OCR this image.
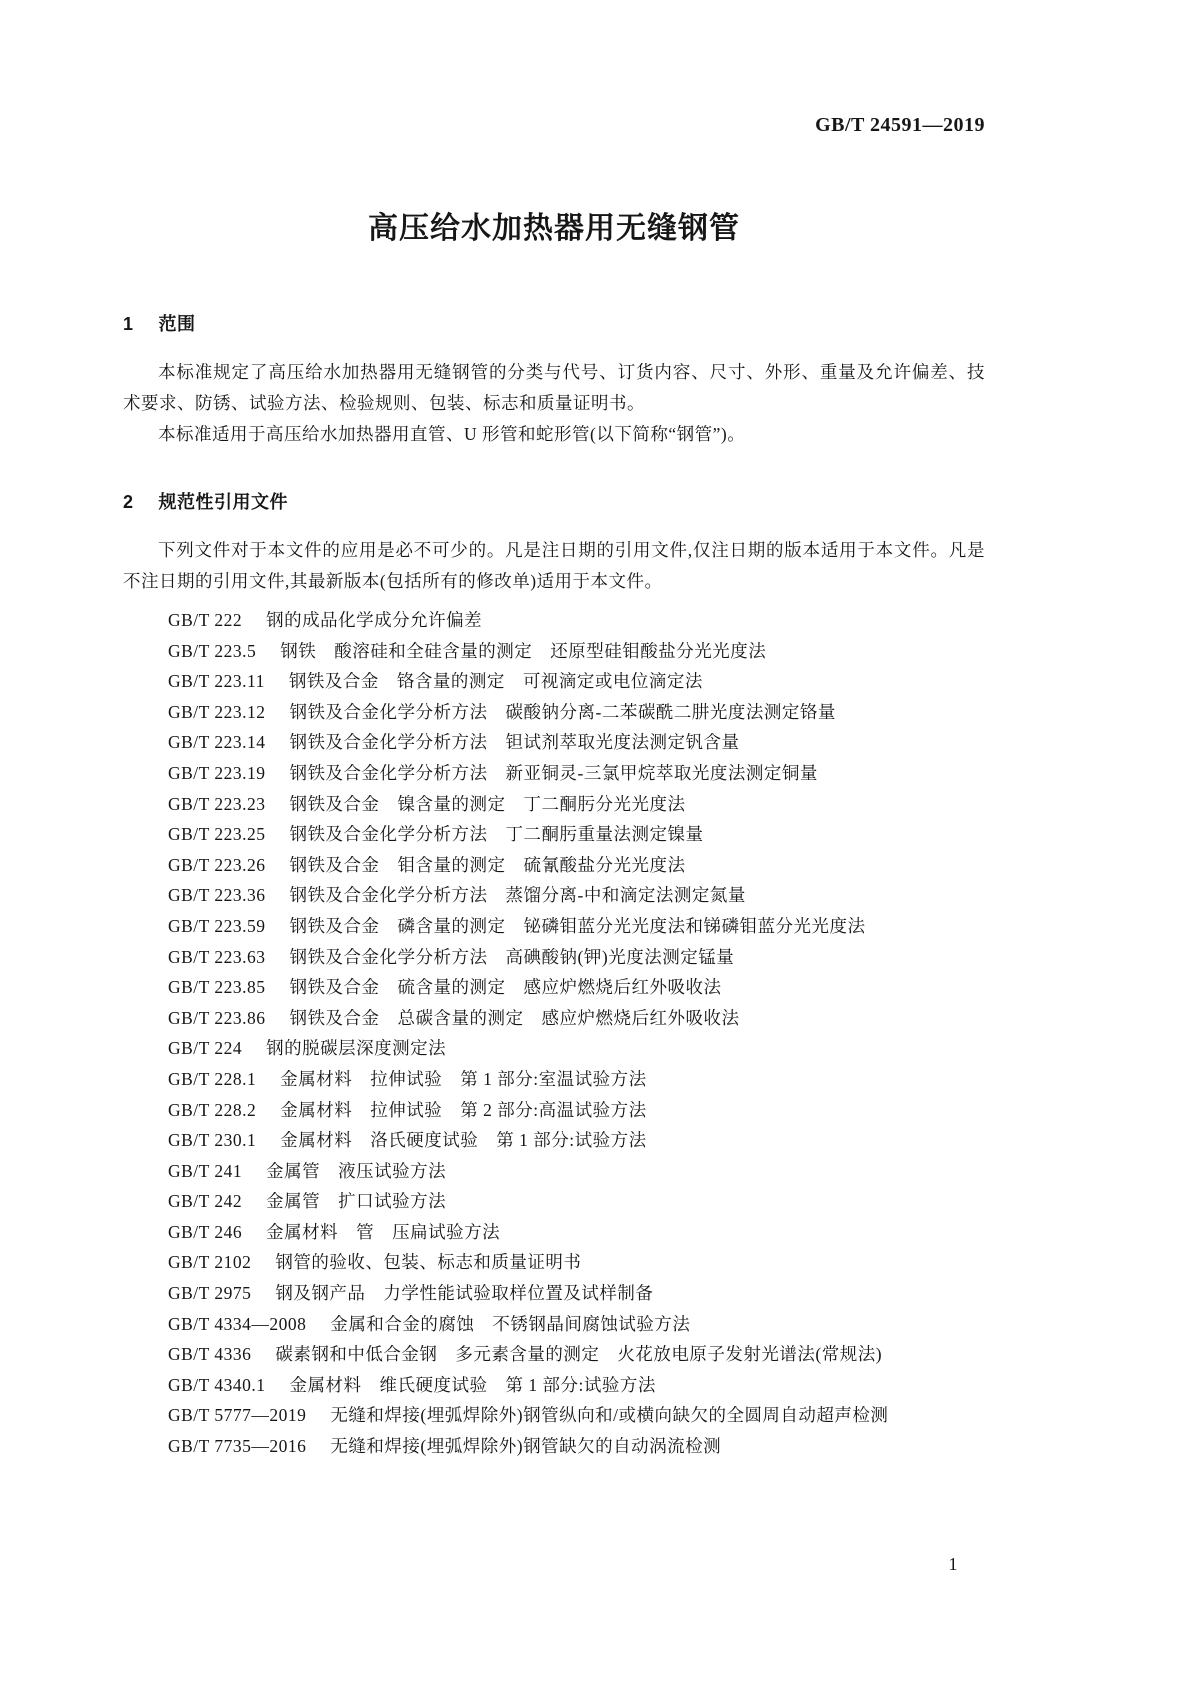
GB/T 24591—2019
高压给水加热器用无缝钢管
1 范围

本标准规定了高压给水加热器用无缝钢管的分类与代号、订货内容、尺寸、外形、重量及允许偏差、技术要求、防锈、试验方法、检验规则、包装、标志和质量证明书。

本标准适用于高压给水加热器用直管、U 形管和蛇形管(以下简称“钢管”)。

2 规范性引用文件

下列文件对于本文件的应用是必不可少的。凡是注日期的引用文件,仅注日期的版本适用于本文件。凡是不注日期的引用文件,其最新版本(包括所有的修改单)适用于本文件。

GB/T 222 钢的成品化学成分允许偏差
GB/T 223.5 钢铁　酸溶硅和全硅含量的测定　还原型硅钼酸盐分光光度法
GB/T 223.11 钢铁及合金　铬含量的测定　可视滴定或电位滴定法
GB/T 223.12 钢铁及合金化学分析方法　碳酸钠分离-二苯碳酰二肼光度法测定铬量
GB/T 223.14 钢铁及合金化学分析方法　钽试剂萃取光度法测定钒含量
GB/T 223.19 钢铁及合金化学分析方法　新亚铜灵-三氯甲烷萃取光度法测定铜量
GB/T 223.23 钢铁及合金　镍含量的测定　丁二酮肟分光光度法
GB/T 223.25 钢铁及合金化学分析方法　丁二酮肟重量法测定镍量
GB/T 223.26 钢铁及合金　钼含量的测定　硫氰酸盐分光光度法
GB/T 223.36 钢铁及合金化学分析方法　蒸馏分离-中和滴定法测定氮量
GB/T 223.59 钢铁及合金　磷含量的测定　铋磷钼蓝分光光度法和锑磷钼蓝分光光度法
GB/T 223.63 钢铁及合金化学分析方法　高碘酸钠(钾)光度法测定锰量
GB/T 223.85 钢铁及合金　硫含量的测定　感应炉燃烧后红外吸收法
GB/T 223.86 钢铁及合金　总碳含量的测定　感应炉燃烧后红外吸收法
GB/T 224 钢的脱碳层深度测定法
GB/T 228.1 金属材料　拉伸试验　第 1 部分:室温试验方法
GB/T 228.2 金属材料　拉伸试验　第 2 部分:高温试验方法
GB/T 230.1 金属材料　洛氏硬度试验　第 1 部分:试验方法
GB/T 241 金属管　液压试验方法
GB/T 242 金属管　扩口试验方法
GB/T 246 金属材料　管　压扁试验方法
GB/T 2102 钢管的验收、包装、标志和质量证明书
GB/T 2975 钢及钢产品　力学性能试验取样位置及试样制备
GB/T 4334—2008 金属和合金的腐蚀　不锈钢晶间腐蚀试验方法
GB/T 4336 碳素钢和中低合金钢　多元素含量的测定　火花放电原子发射光谱法(常规法)
GB/T 4340.1 金属材料　维氏硬度试验　第 1 部分:试验方法
GB/T 5777—2019 无缝和焊接(埋弧焊除外)钢管纵向和/或横向缺欠的全圆周自动超声检测
GB/T 7735—2016 无缝和焊接(埋弧焊除外)钢管缺欠的自动涡流检测
1
